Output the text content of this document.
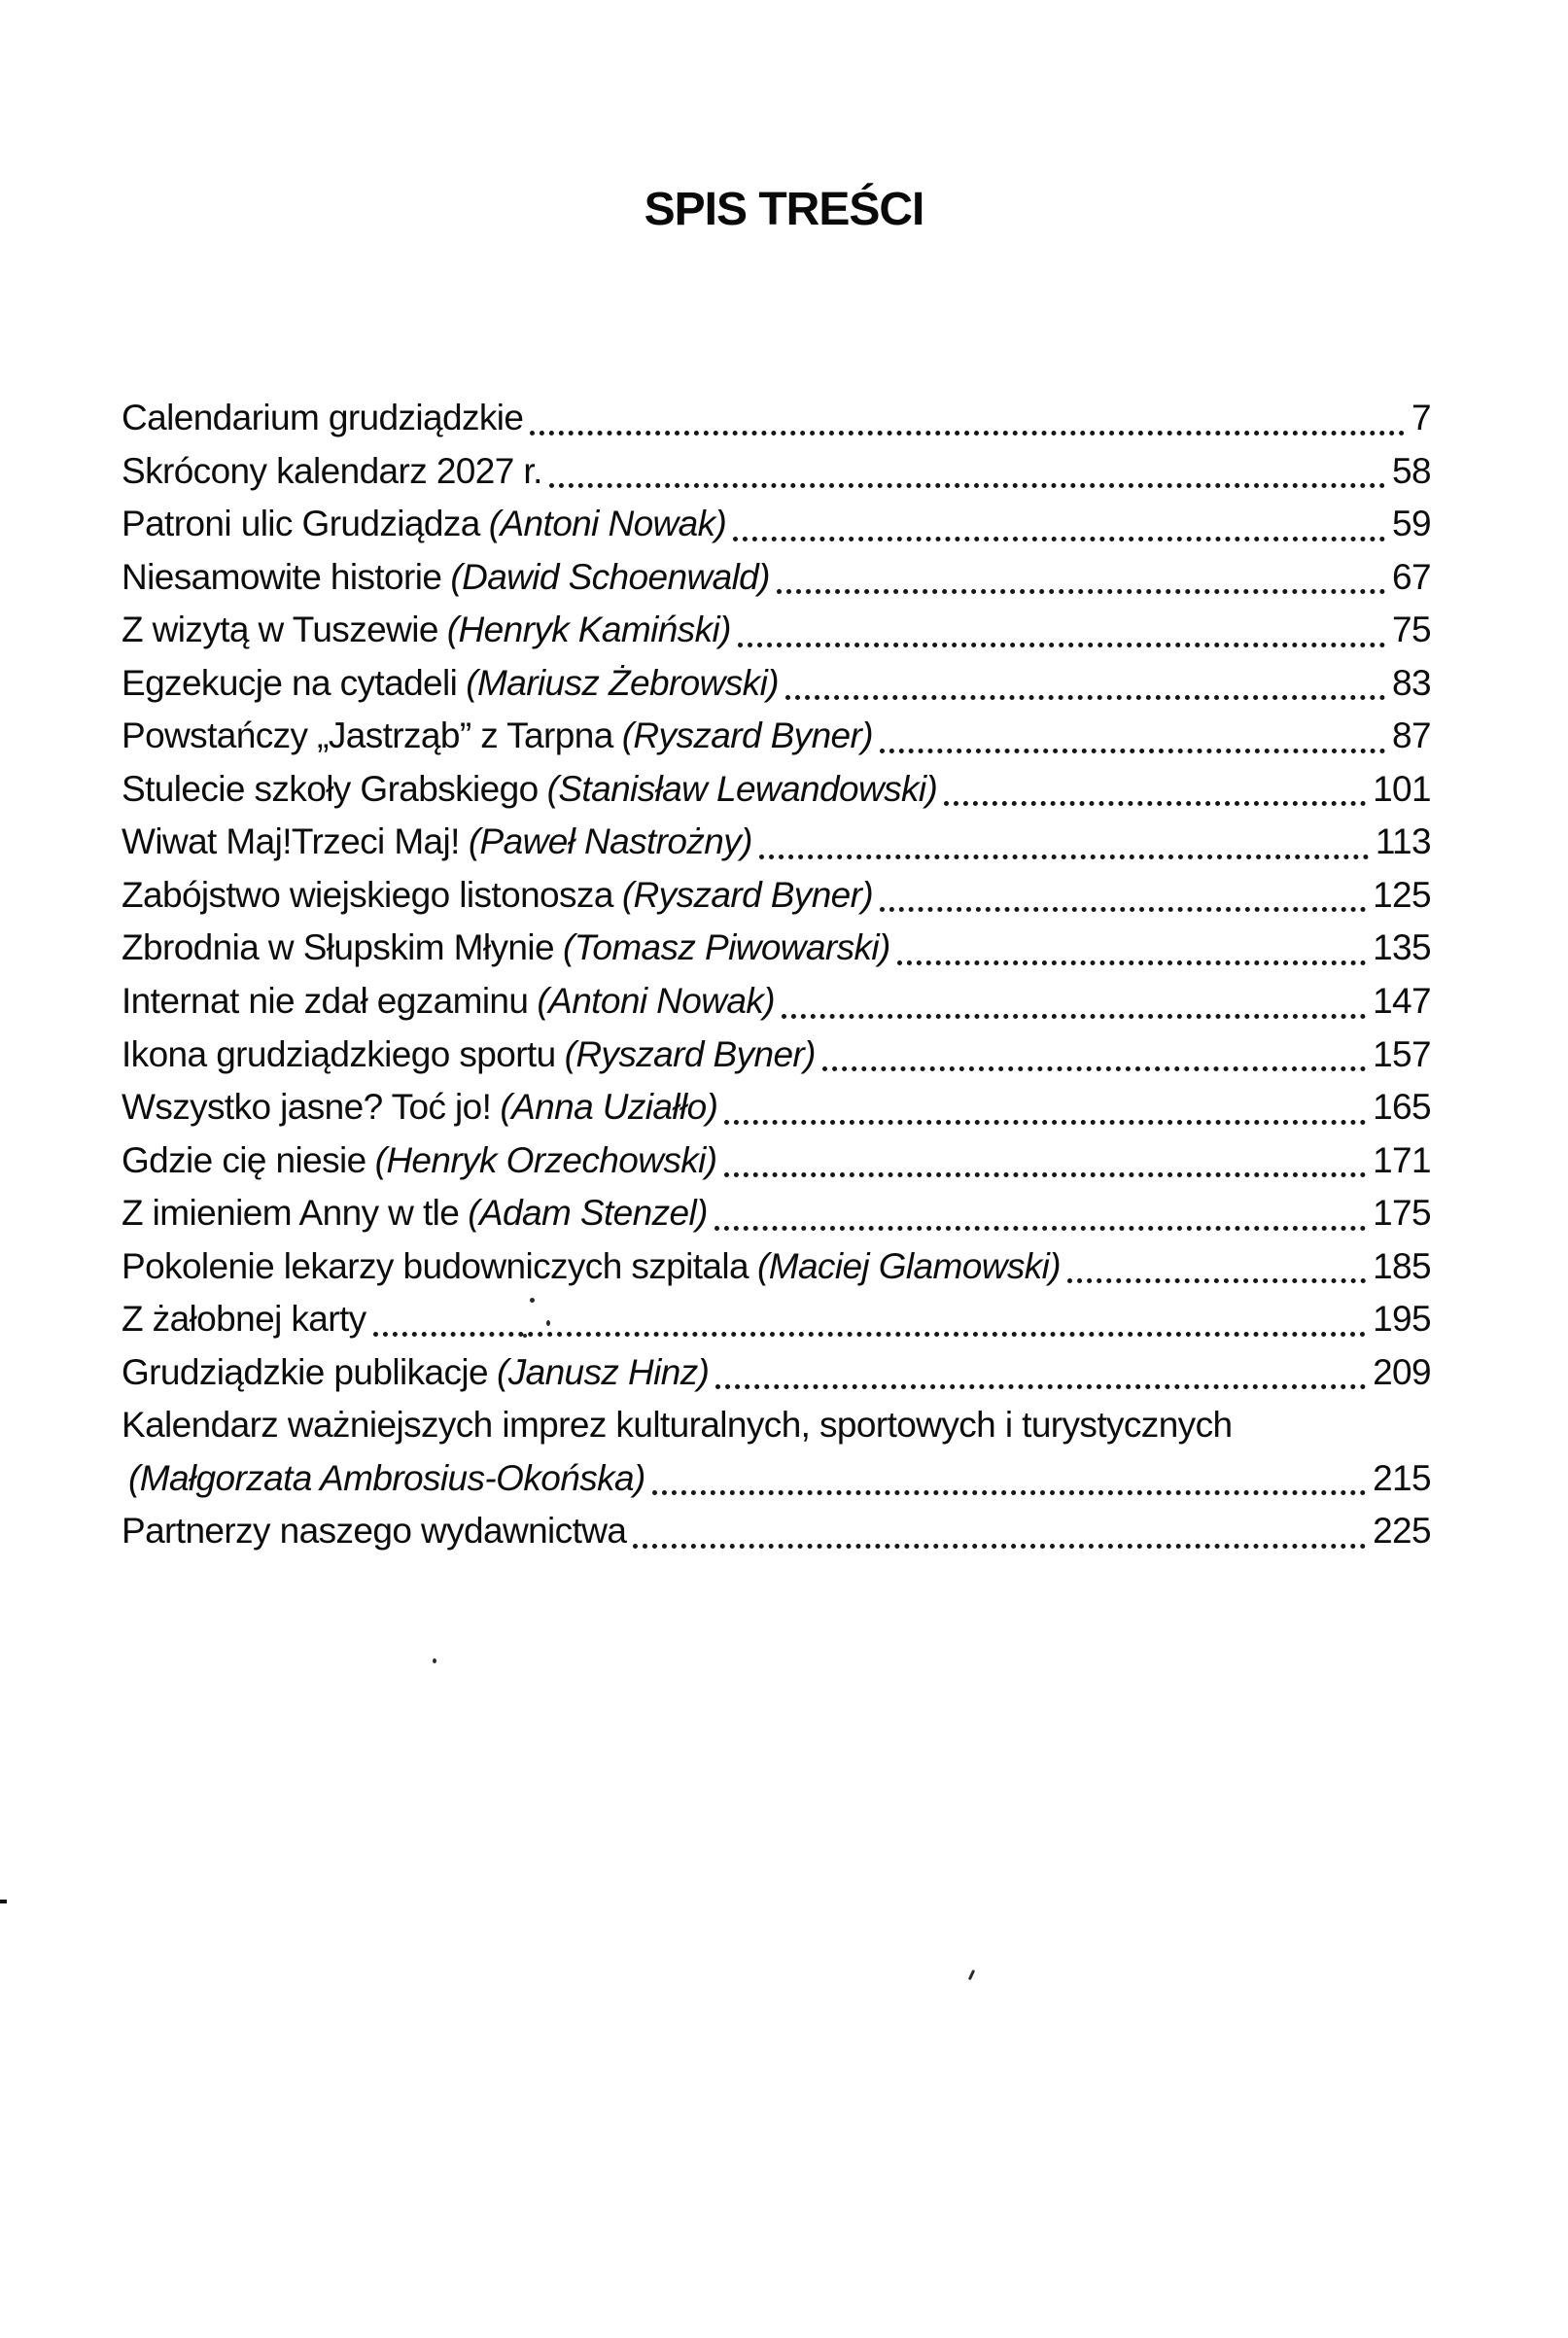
SPIS TREŚCI
Calendarium grudziądzkie	7
Skrócony kalendarz 2027 r.	58
Patroni ulic Grudziądza (Antoni Nowak)	59
Niesamowite historie (Dawid Schoenwald)	67
Z wizytą w Tuszewie (Henryk Kamiński)	75
Egzekucje na cytadeli (Mariusz Żebrowski)	83
Powstańczy „Jastrząb” z Tarpna (Ryszard Byner)	87
Stulecie szkoły Grabskiego (Stanisław Lewandowski)	101
Wiwat Maj!Trzeci Maj! (Paweł Nastrożny)	113
Zabójstwo wiejskiego listonosza (Ryszard Byner)	125
Zbrodnia w Słupskim Młynie (Tomasz Piwowarski)	135
Internat nie zdał egzaminu (Antoni Nowak)	147
Ikona grudziądzkiego sportu (Ryszard Byner)	157
Wszystko jasne? Toć jo! (Anna Uziałło)	165
Gdzie cię niesie (Henryk Orzechowski)	171
Z imieniem Anny w tle (Adam Stenzel)	175
Pokolenie lekarzy budowniczych szpitala (Maciej Glamowski)	185
Z żałobnej karty	195
Grudziądzkie publikacje (Janusz Hinz)	209
Kalendarz ważniejszych imprez kulturalnych, sportowych i turystycznych
(Małgorzata Ambrosius-Okońska)	215
Partnerzy naszego wydawnictwa	225
